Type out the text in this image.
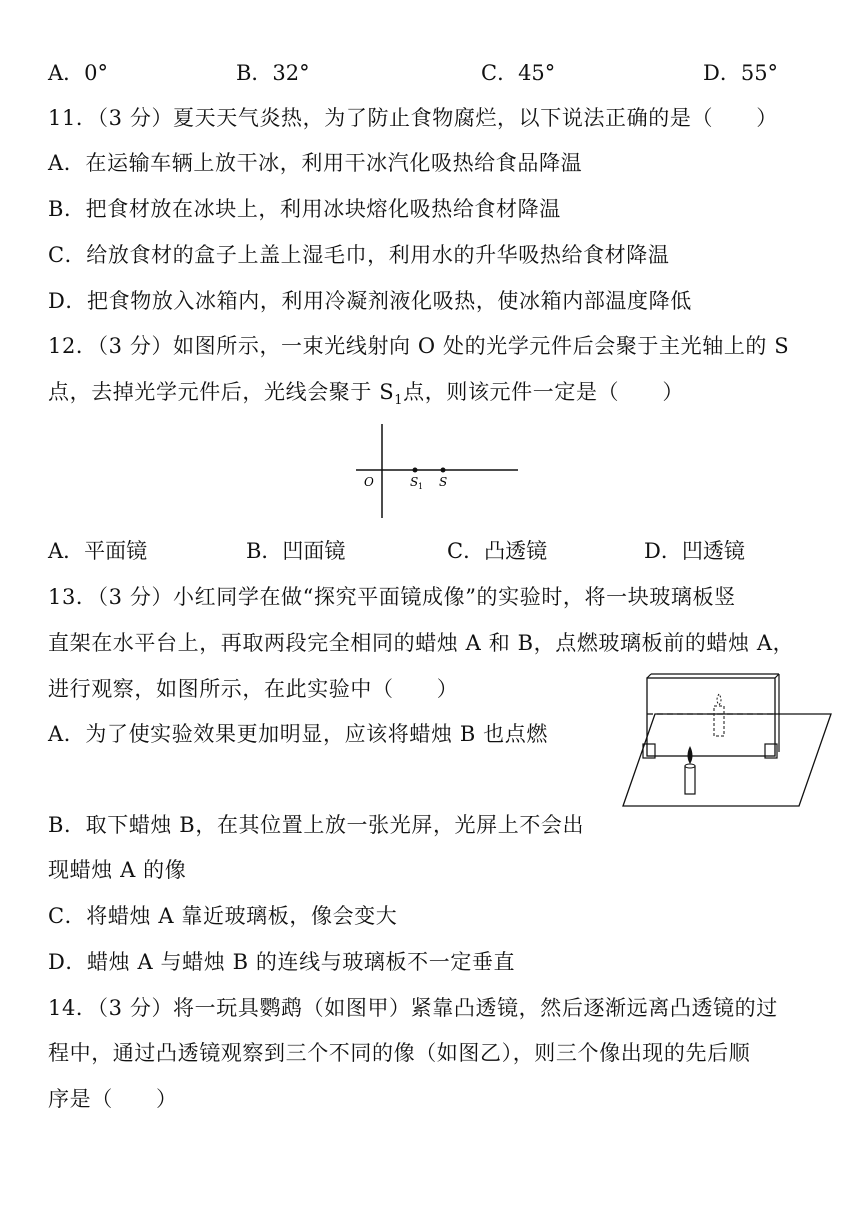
A．0°	B．32°	C．45°	D．55°
11．（3 分）夏天天气炎热，为了防止食物腐烂，以下说法正确的是（　　）
A．在运输车辆上放干冰，利用干冰汽化吸热给食品降温
B．把食材放在冰块上，利用冰块熔化吸热给食材降温
C．给放食材的盒子上盖上湿毛巾，利用水的升华吸热给食材降温
D．把食物放入冰箱内，利用冷凝剂液化吸热，使冰箱内部温度降低
12．（3 分）如图所示，一束光线射向 O 处的光学元件后会聚于主光轴上的 S
点，去掉光学元件后，光线会聚于 $S_1$点，则该元件一定是（　　）
O	S 1 S
A．平面镜	B．凹面镜	C．凸透镜	D．凹透镜
13．（3 分）小红同学在做“探究平面镜成像”的实验时，将一块玻璃板竖
直架在水平台上，再取两段完全相同的蜡烛 A 和 B，点燃玻璃板前的蜡烛 A，
进行观察，如图所示，在此实验中（　　）
A．为了使实验效果更加明显，应该将蜡烛 B 也点燃
B．取下蜡烛 B，在其位置上放一张光屏，光屏上不会出
现蜡烛 A 的像
C．将蜡烛 A 靠近玻璃板，像会变大
D．蜡烛 A 与蜡烛 B 的连线与玻璃板不一定垂直
14．（3 分）将一玩具鹦鹉（如图甲）紧靠凸透镜，然后逐渐远离凸透镜的过
程中，通过凸透镜观察到三个不同的像（如图乙），则三个像出现的先后顺
序是（　　）
